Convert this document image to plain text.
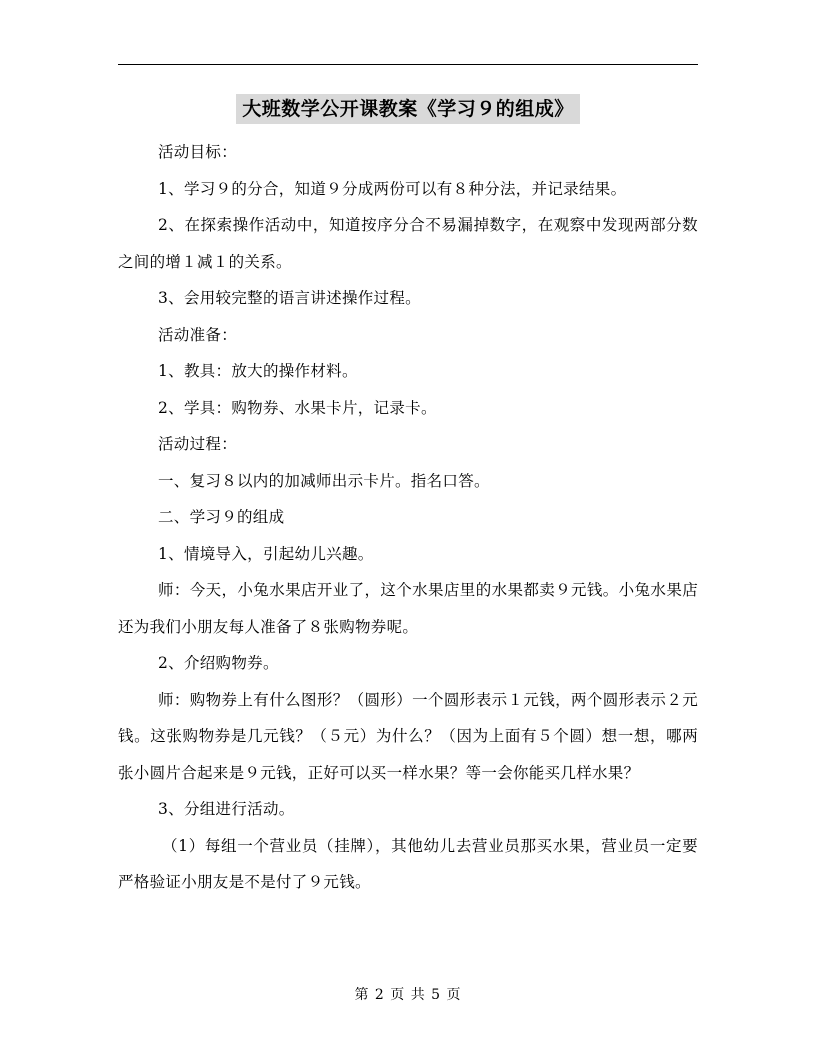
大班数学公开课教案《学习９的组成》

活动目标：

1、学习９的分合，知道９分成两份可以有８种分法，并记录结果。

2、在探索操作活动中，知道按序分合不易漏掉数字，在观察中发现两部分数之间的增１减１的关系。

3、会用较完整的语言讲述操作过程。

活动准备：

1、教具：放大的操作材料。

2、学具：购物券、水果卡片，记录卡。

活动过程：

一、复习８以内的加减师出示卡片。指名口答。

二、学习９的组成

1、情境导入，引起幼儿兴趣。

师：今天，小兔水果店开业了，这个水果店里的水果都卖９元钱。小兔水果店还为我们小朋友每人准备了８张购物券呢。

2、介绍购物券。

师：购物券上有什么图形？（圆形）一个圆形表示１元钱，两个圆形表示２元钱。这张购物券是几元钱？（５元）为什么？（因为上面有５个圆）想一想，哪两张小圆片合起来是９元钱，正好可以买一样水果？等一会你能买几样水果？

3、分组进行活动。

（1）每组一个营业员（挂牌），其他幼儿去营业员那买水果，营业员一定要严格验证小朋友是不是付了９元钱。

第 2 页 共 5 页
